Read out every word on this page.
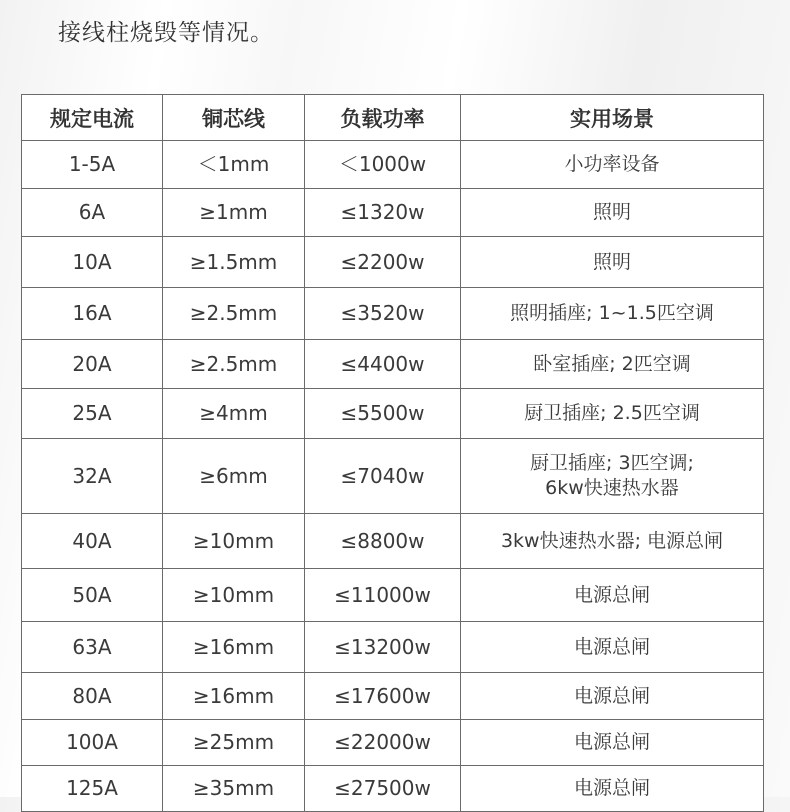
接线柱烧毁等情况。
规定电流	铜芯线	负载功率	实用场景
1-5A	＜1mm	＜1000w	小功率设备
6A	≥1mm	≤1320w	照明
10A	≥1.5mm	≤2200w	照明
16A	≥2.5mm	≤3520w	照明插座; 1~1.5匹空调
20A	≥2.5mm	≤4400w	卧室插座; 2匹空调
25A	≥4mm	≤5500w	厨卫插座; 2.5匹空调
32A	≥6mm	≤7040w	厨卫插座; 3匹空调;
6kw快速热水器

40A	≥10mm	≤8800w	3kw快速热水器; 电源总闸
50A	≥10mm	≤11000w	电源总闸
63A	≥16mm	≤13200w	电源总闸
80A	≥16mm	≤17600w	电源总闸
100A	≥25mm	≤22000w	电源总闸
125A	≥35mm	≤27500w	电源总闸
